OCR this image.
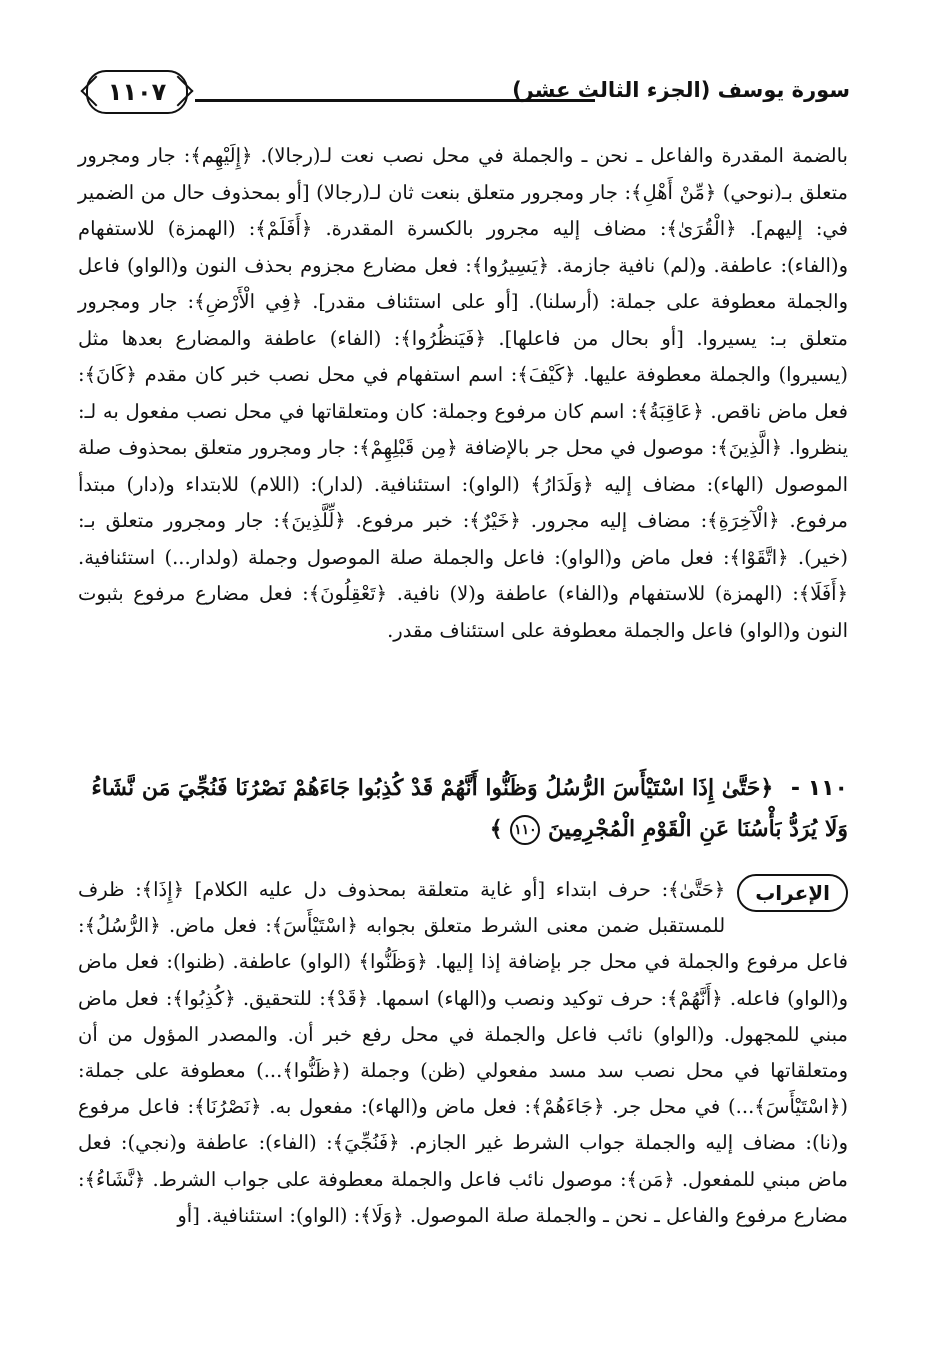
١١٠٧	سورة يوسف (الجزء الثالث عشر)

بالضمة المقدرة والفاعل ـ نحن ـ والجملة في محل نصب نعت لـ(رجالا). ﴿إِلَيْهِم﴾: جار ومجرور متعلق بـ(نوحي) ﴿مِّنْ أَهْلِ﴾: جار ومجرور متعلق بنعت ثان لـ(رجالا) [أو بمحذوف حال من الضمير في: إليهم]. ﴿الْقُرَىٰ﴾: مضاف إليه مجرور بالكسرة المقدرة. ﴿أَفَلَمْ﴾: (الهمزة) للاستفهام و(الفاء): عاطفة. و(لم) نافية جازمة. ﴿يَسِيرُوا﴾: فعل مضارع مجزوم بحذف النون و(الواو) فاعل والجملة معطوفة على جملة: (أرسلنا). [أو على استئناف مقدر]. ﴿فِي الْأَرْضِ﴾: جار ومجرور متعلق بـ: يسيروا. [أو بحال من فاعلها]. ﴿فَيَنظُرُوا﴾: (الفاء) عاطفة والمضارع بعدها مثل (يسيروا) والجملة معطوفة عليها. ﴿كَيْفَ﴾: اسم استفهام في محل نصب خبر كان مقدم ﴿كَانَ﴾: فعل ماض ناقص. ﴿عَاقِبَةُ﴾: اسم كان مرفوع وجملة: كان ومتعلقاتها في محل نصب مفعول به لـ: ينظروا. ﴿الَّذِينَ﴾: موصول في محل جر بالإضافة ﴿مِن قَبْلِهِمْ﴾: جار ومجرور متعلق بمحذوف صلة الموصول (الهاء): مضاف إليه ﴿وَلَدَارُ﴾ (الواو): استئنافية. (لدار): (اللام) للابتداء و(دار) مبتدأ مرفوع. ﴿الْآخِرَةِ﴾: مضاف إليه مجرور. ﴿خَيْرٌ﴾: خبر مرفوع. ﴿لِّلَّذِينَ﴾: جار ومجرور متعلق بـ: (خير). ﴿اتَّقَوْا﴾: فعل ماض و(الواو): فاعل والجملة صلة الموصول وجملة (ولدار...) استئنافية. ﴿أَفَلَا﴾: (الهمزة) للاستفهام و(الفاء) عاطفة و(لا) نافية. ﴿تَعْقِلُونَ﴾: فعل مضارع مرفوع بثبوت النون و(الواو) فاعل والجملة معطوفة على استئناف مقدر.

١١٠ - ﴿حَتَّىٰ إِذَا اسْتَيْأَسَ الرُّسُلُ وَظَنُّوا أَنَّهُمْ قَدْ كُذِبُوا جَاءَهُمْ نَصْرُنَا فَنُجِّيَ مَن نَّشَاءُ وَلَا يُرَدُّ بَأْسُنَا عَنِ الْقَوْمِ الْمُجْرِمِينَ ١١٠ ﴾
الإعراب

﴿حَتَّىٰ﴾: حرف ابتداء [أو غاية متعلقة بمحذوف دل عليه الكلام] ﴿إِذَا﴾: ظرف للمستقبل ضمن معنى الشرط متعلق بجوابه ﴿اسْتَيْأَسَ﴾: فعل ماض. ﴿الرُّسُلُ﴾: فاعل مرفوع والجملة في محل جر بإضافة إذا إليها. ﴿وَظَنُّوا﴾ (الواو) عاطفة. (ظنوا): فعل ماض و(الواو) فاعله. ﴿أَنَّهُمْ﴾: حرف توكيد ونصب و(الهاء) اسمها. ﴿قَدْ﴾: للتحقيق. ﴿كُذِبُوا﴾: فعل ماض مبني للمجهول. و(الواو) نائب فاعل والجملة في محل رفع خبر أن. والمصدر المؤول من أن ومتعلقاتها في محل نصب سد مسد مفعولي (ظن) وجملة (﴿ظَنُّوا﴾...) معطوفة على جملة: (﴿اسْتَيْأَسَ﴾...) في محل جر. ﴿جَاءَهُمْ﴾: فعل ماض و(الهاء): مفعول به. ﴿نَصْرُنَا﴾: فاعل مرفوع و(نا): مضاف إليه والجملة جواب الشرط غير الجازم. ﴿فَنُجِّيَ﴾: (الفاء): عاطفة و(نجي): فعل ماض مبني للمفعول. ﴿مَن﴾: موصول نائب فاعل والجملة معطوفة على جواب الشرط. ﴿نَّشَاءُ﴾: مضارع مرفوع والفاعل ـ نحن ـ والجملة صلة الموصول. ﴿وَلَا﴾: (الواو): استئنافية. [أو
